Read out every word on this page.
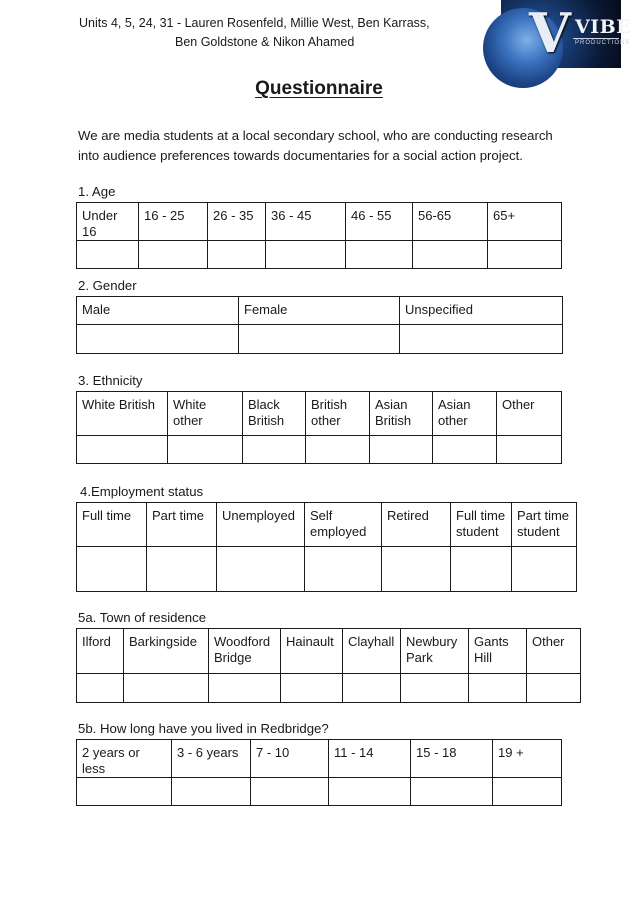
Units 4, 5, 24, 31 - Lauren Rosenfeld, Millie West, Ben Karrass,
Ben Goldstone & Nikon Ahamed	V VIBE
PRODUCTIONS
Questionnaire
We are media students at a local secondary school, who are conducting research into audience preferences towards documentaries for a social action project.
1. Age
Under 16	16 - 25	26 - 35	36 - 45	46 - 55	56-65	65+

2. Gender
Male	Female	Unspecified

3. Ethnicity
White British	White other	Black British	British other	Asian British	Asian other	Other

4.Employment status
Full time	Part time	Unemployed	Self employed	Retired	Full time student	Part time student

5a. Town of residence
Ilford	Barkingside	Woodford Bridge	Hainault	Clayhall	Newbury Park	Gants Hill	Other

5b. How long have you lived in Redbridge?
2 years or less	3 - 6 years	7 - 10	11 - 14	15 - 18	19 +
